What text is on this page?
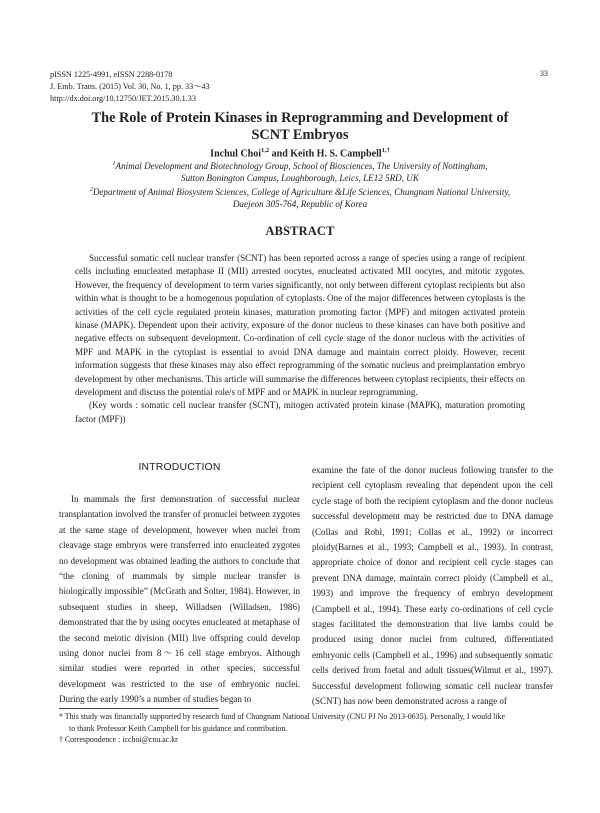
pISSN 1225-4991, eISSN 2288-0178
J. Emb. Trans. (2015) Vol. 30, No. 1, pp. 33～43
http://dx.doi.org/10.12750/JET.2015.30.1.33
33
The Role of Protein Kinases in Reprogramming and Development of
SCNT Embryos
Inchul Choi$^{1,2}$ and Keith H. S. Campbell$^{1,\dagger}$
$^1$Animal Development and Biotechnology Group, School of Biosciences, The University of Nottingham,
Sutton Bonington Campus, Loughborough, Leics, LE12 5RD, UK
$^2$Department of Animal Biosystem Sciences, College of Agriculture &Life Sciences, Chungnam National University,
Daejeon 305-764, Republic of Korea
ABSTRACT

Successful somatic cell nuclear transfer (SCNT) has been reported across a range of species using a range of recipient cells including enucleated metaphase II (MII) arrested oocytes, enucleated activated MII oocytes, and mitotic zygotes. However, the frequency of development to term varies significantly, not only between different cytoplast recipients but also within what is thought to be a homogenous population of cytoplasts. One of the major differences between cytoplasts is the activities of the cell cycle regulated protein kinases, maturation promoting factor (MPF) and mitogen activated protein kinase (MAPK). Dependent upon their activity, exposure of the donor nucleus to these kinases can have both positive and negative effects on subsequent development. Co-ordination of cell cycle stage of the donor nucleus with the activities of MPF and MAPK in the cytoplast is essential to avoid DNA damage and maintain correct ploidy. However, recent information suggests that these kinases may also effect reprogramming of the somatic nucleus and preimplantation embryo development by other mechanisms. This article will summarise the differences between cytoplast recipients, their effects on development and discuss the potential role/s of MPF and or MAPK in nuclear reprogramming.

(Key words : somatic cell nuclear transfer (SCNT), mitogen activated protein kinase (MAPK), maturation promoting factor (MPF))

INTRODUCTION

In mammals the first demonstration of successful nuclear transplantation involved the transfer of pronuclei between zygotes at the same stage of development, however when nuclei from cleavage stage embryos were transferred into enucleated zygotes no development was obtained leading the authors to conclude that “the cloning of mammals by simple nuclear transfer is biologically impossible” (McGrath and Solter, 1984). However, in subsequent studies in sheep, Willadsen (Willadsen, 1986) demonstrated that the by using oocytes enucleated at metaphase of the second meiotic division (MII) live offspring could develop using donor nuclei from 8～16 cell stage embryos. Although similar studies were reported in other species, successful development was restricted to the use of embryonic nuclei. During the early 1990’s a number of studies began to

examine the fate of the donor nucleus following transfer to the recipient cell cytoplasm revealing that dependent upon the cell cycle stage of both the recipient cytoplasm and the donor nucleus successful development may be restricted due to DNA damage (Collas and Robl, 1991; Collas et al., 1992) or incorrect ploidy(Barnes et al., 1993; Campbell et al., 1993). In contrast, appropriate choice of donor and recipient cell cycle stages can prevent DNA damage, maintain correct ploidy (Campbell et al., 1993) and improve the frequency of embryo development (Campbell et al., 1994). These early co-ordinations of cell cycle stages facilitated the demonstration that live lambs could be produced using donor nuclei from cultured, differentiated embryonic cells (Campbell et al., 1996) and subsequently somatic cells derived from foetal and adult tissues(Wilmut et al., 1997). Successful development following somatic cell nuclear transfer (SCNT) has now been demonstrated across a range of

* This study was financially supported by research fund of Chungnam National University (CNU PJ No 2013-0635). Personally, I would like
to thank Professor Keith Campbell for his guidance and contribution.
† Correspondence : icchoi@cnu.ac.kr
